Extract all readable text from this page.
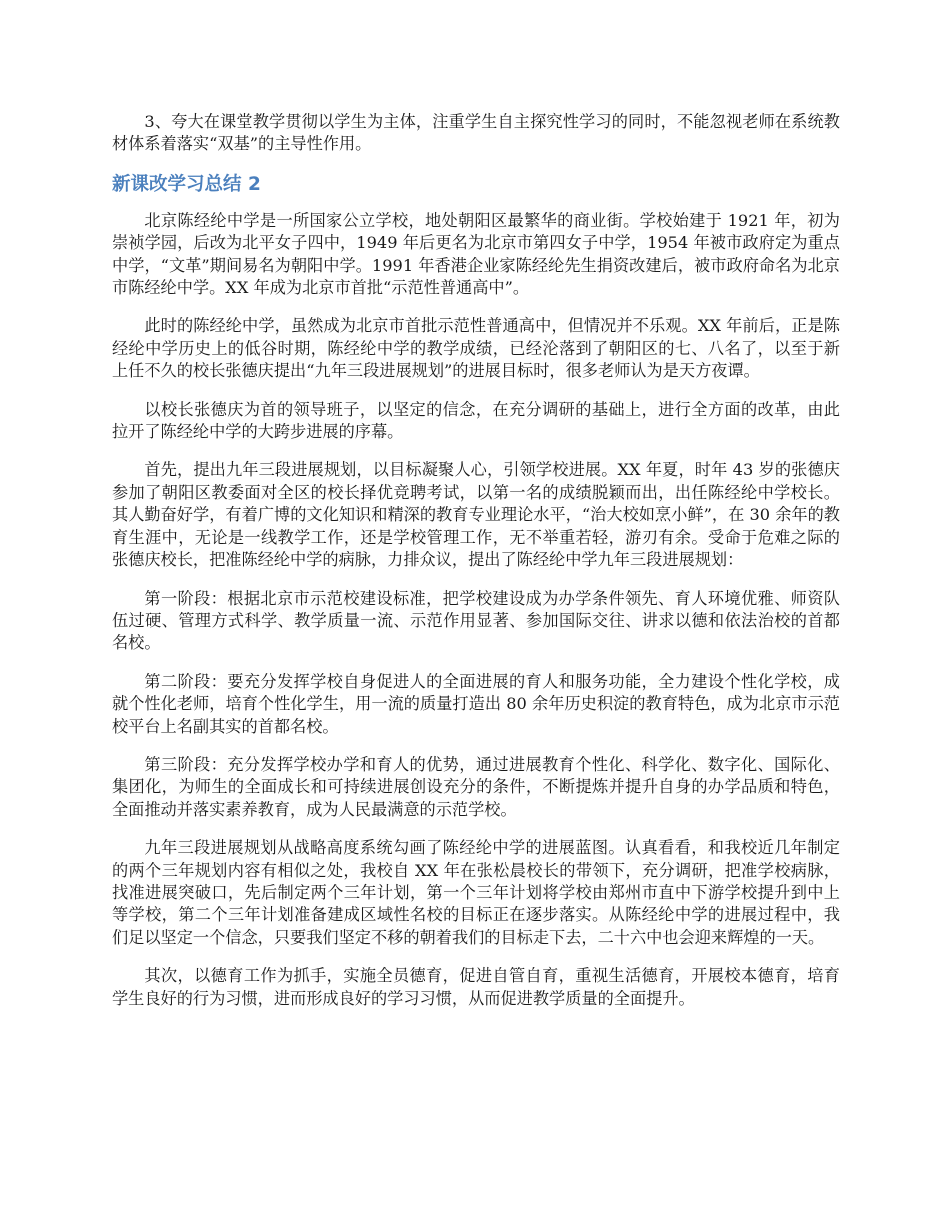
3、夸大在课堂教学贯彻以学生为主体，注重学生自主探究性学习的同时，不能忽视老师在系统教材体系着落实“双基”的主导性作用。

新课改学习总结 2

北京陈经纶中学是一所国家公立学校，地处朝阳区最繁华的商业街。学校始建于 1921 年，初为崇祯学园，后改为北平女子四中，1949 年后更名为北京市第四女子中学，1954 年被市政府定为重点中学，“文革”期间易名为朝阳中学。1991 年香港企业家陈经纶先生捐资改建后，被市政府命名为北京市陈经纶中学。XX 年成为北京市首批“示范性普通高中”。

此时的陈经纶中学，虽然成为北京市首批示范性普通高中，但情况并不乐观。XX 年前后，正是陈经纶中学历史上的低谷时期，陈经纶中学的教学成绩，已经沦落到了朝阳区的七、八名了，以至于新上任不久的校长张德庆提出“九年三段进展规划”的进展目标时，很多老师认为是天方夜谭。

以校长张德庆为首的领导班子，以坚定的信念，在充分调研的基础上，进行全方面的改革，由此拉开了陈经纶中学的大跨步进展的序幕。

首先，提出九年三段进展规划，以目标凝聚人心，引领学校进展。XX 年夏，时年 43 岁的张德庆参加了朝阳区教委面对全区的校长择优竞聘考试，以第一名的成绩脱颖而出，出任陈经纶中学校长。其人勤奋好学，有着广博的文化知识和精深的教育专业理论水平，“治大校如烹小鲜”，在 30 余年的教育生涯中，无论是一线教学工作，还是学校管理工作，无不举重若轻，游刃有余。受命于危难之际的张德庆校长，把准陈经纶中学的病脉，力排众议，提出了陈经纶中学九年三段进展规划：

第一阶段：根据北京市示范校建设标准，把学校建设成为办学条件领先、育人环境优雅、师资队伍过硬、管理方式科学、教学质量一流、示范作用显著、参加国际交往、讲求以德和依法治校的首都名校。

第二阶段：要充分发挥学校自身促进人的全面进展的育人和服务功能，全力建设个性化学校，成就个性化老师，培育个性化学生，用一流的质量打造出 80 余年历史积淀的教育特色，成为北京市示范校平台上名副其实的首都名校。

第三阶段：充分发挥学校办学和育人的优势，通过进展教育个性化、科学化、数字化、国际化、集团化，为师生的全面成长和可持续进展创设充分的条件，不断提炼并提升自身的办学品质和特色，全面推动并落实素养教育，成为人民最满意的示范学校。

九年三段进展规划从战略高度系统勾画了陈经纶中学的进展蓝图。认真看看，和我校近几年制定的两个三年规划内容有相似之处，我校自 XX 年在张松晨校长的带领下，充分调研，把准学校病脉，找准进展突破口，先后制定两个三年计划，第一个三年计划将学校由郑州市直中下游学校提升到中上等学校，第二个三年计划准备建成区域性名校的目标正在逐步落实。从陈经纶中学的进展过程中，我们足以坚定一个信念，只要我们坚定不移的朝着我们的目标走下去，二十六中也会迎来辉煌的一天。

其次，以德育工作为抓手，实施全员德育，促进自管自育，重视生活德育，开展校本德育，培育学生良好的行为习惯，进而形成良好的学习习惯，从而促进教学质量的全面提升。
